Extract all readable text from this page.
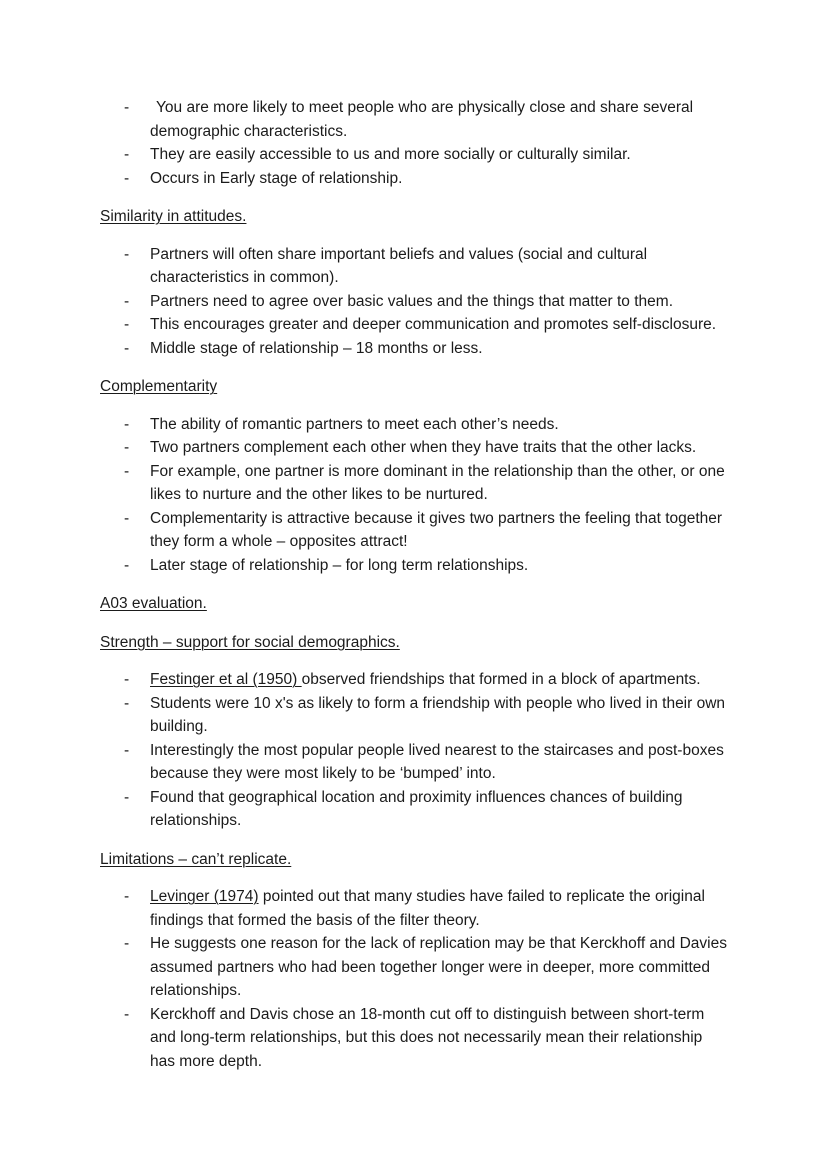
-	You are more likely to meet people who are physically close and share several demographic characteristics.
-	They are easily accessible to us and more socially or culturally similar.
-	Occurs in Early stage of relationship.

Similarity in attitudes.

-	Partners will often share important beliefs and values (social and cultural characteristics in common).
-	Partners need to agree over basic values and the things that matter to them.
-	This encourages greater and deeper communication and promotes self-disclosure.
-	Middle stage of relationship – 18 months or less.

Complementarity

-	The ability of romantic partners to meet each other’s needs.
-	Two partners complement each other when they have traits that the other lacks.
-	For example, one partner is more dominant in the relationship than the other, or one likes to nurture and the other likes to be nurtured.
-	Complementarity is attractive because it gives two partners the feeling that together they form a whole – opposites attract!
-	Later stage of relationship – for long term relationships.

A03 evaluation.

Strength – support for social demographics.

-	Festinger et al (1950) observed friendships that formed in a block of apartments.
-	Students were 10 x's as likely to form a friendship with people who lived in their own building.
-	Interestingly the most popular people lived nearest to the staircases and post-boxes because they were most likely to be ‘bumped’ into.
-	Found that geographical location and proximity influences chances of building relationships.

Limitations – can’t replicate.

-	Levinger (1974) pointed out that many studies have failed to replicate the original findings that formed the basis of the filter theory.
-	He suggests one reason for the lack of replication may be that Kerckhoff and Davies assumed partners who had been together longer were in deeper, more committed relationships.
-	Kerckhoff and Davis chose an 18-month cut off to distinguish between short-term and long-term relationships, but this does not necessarily mean their relationship has more depth.
